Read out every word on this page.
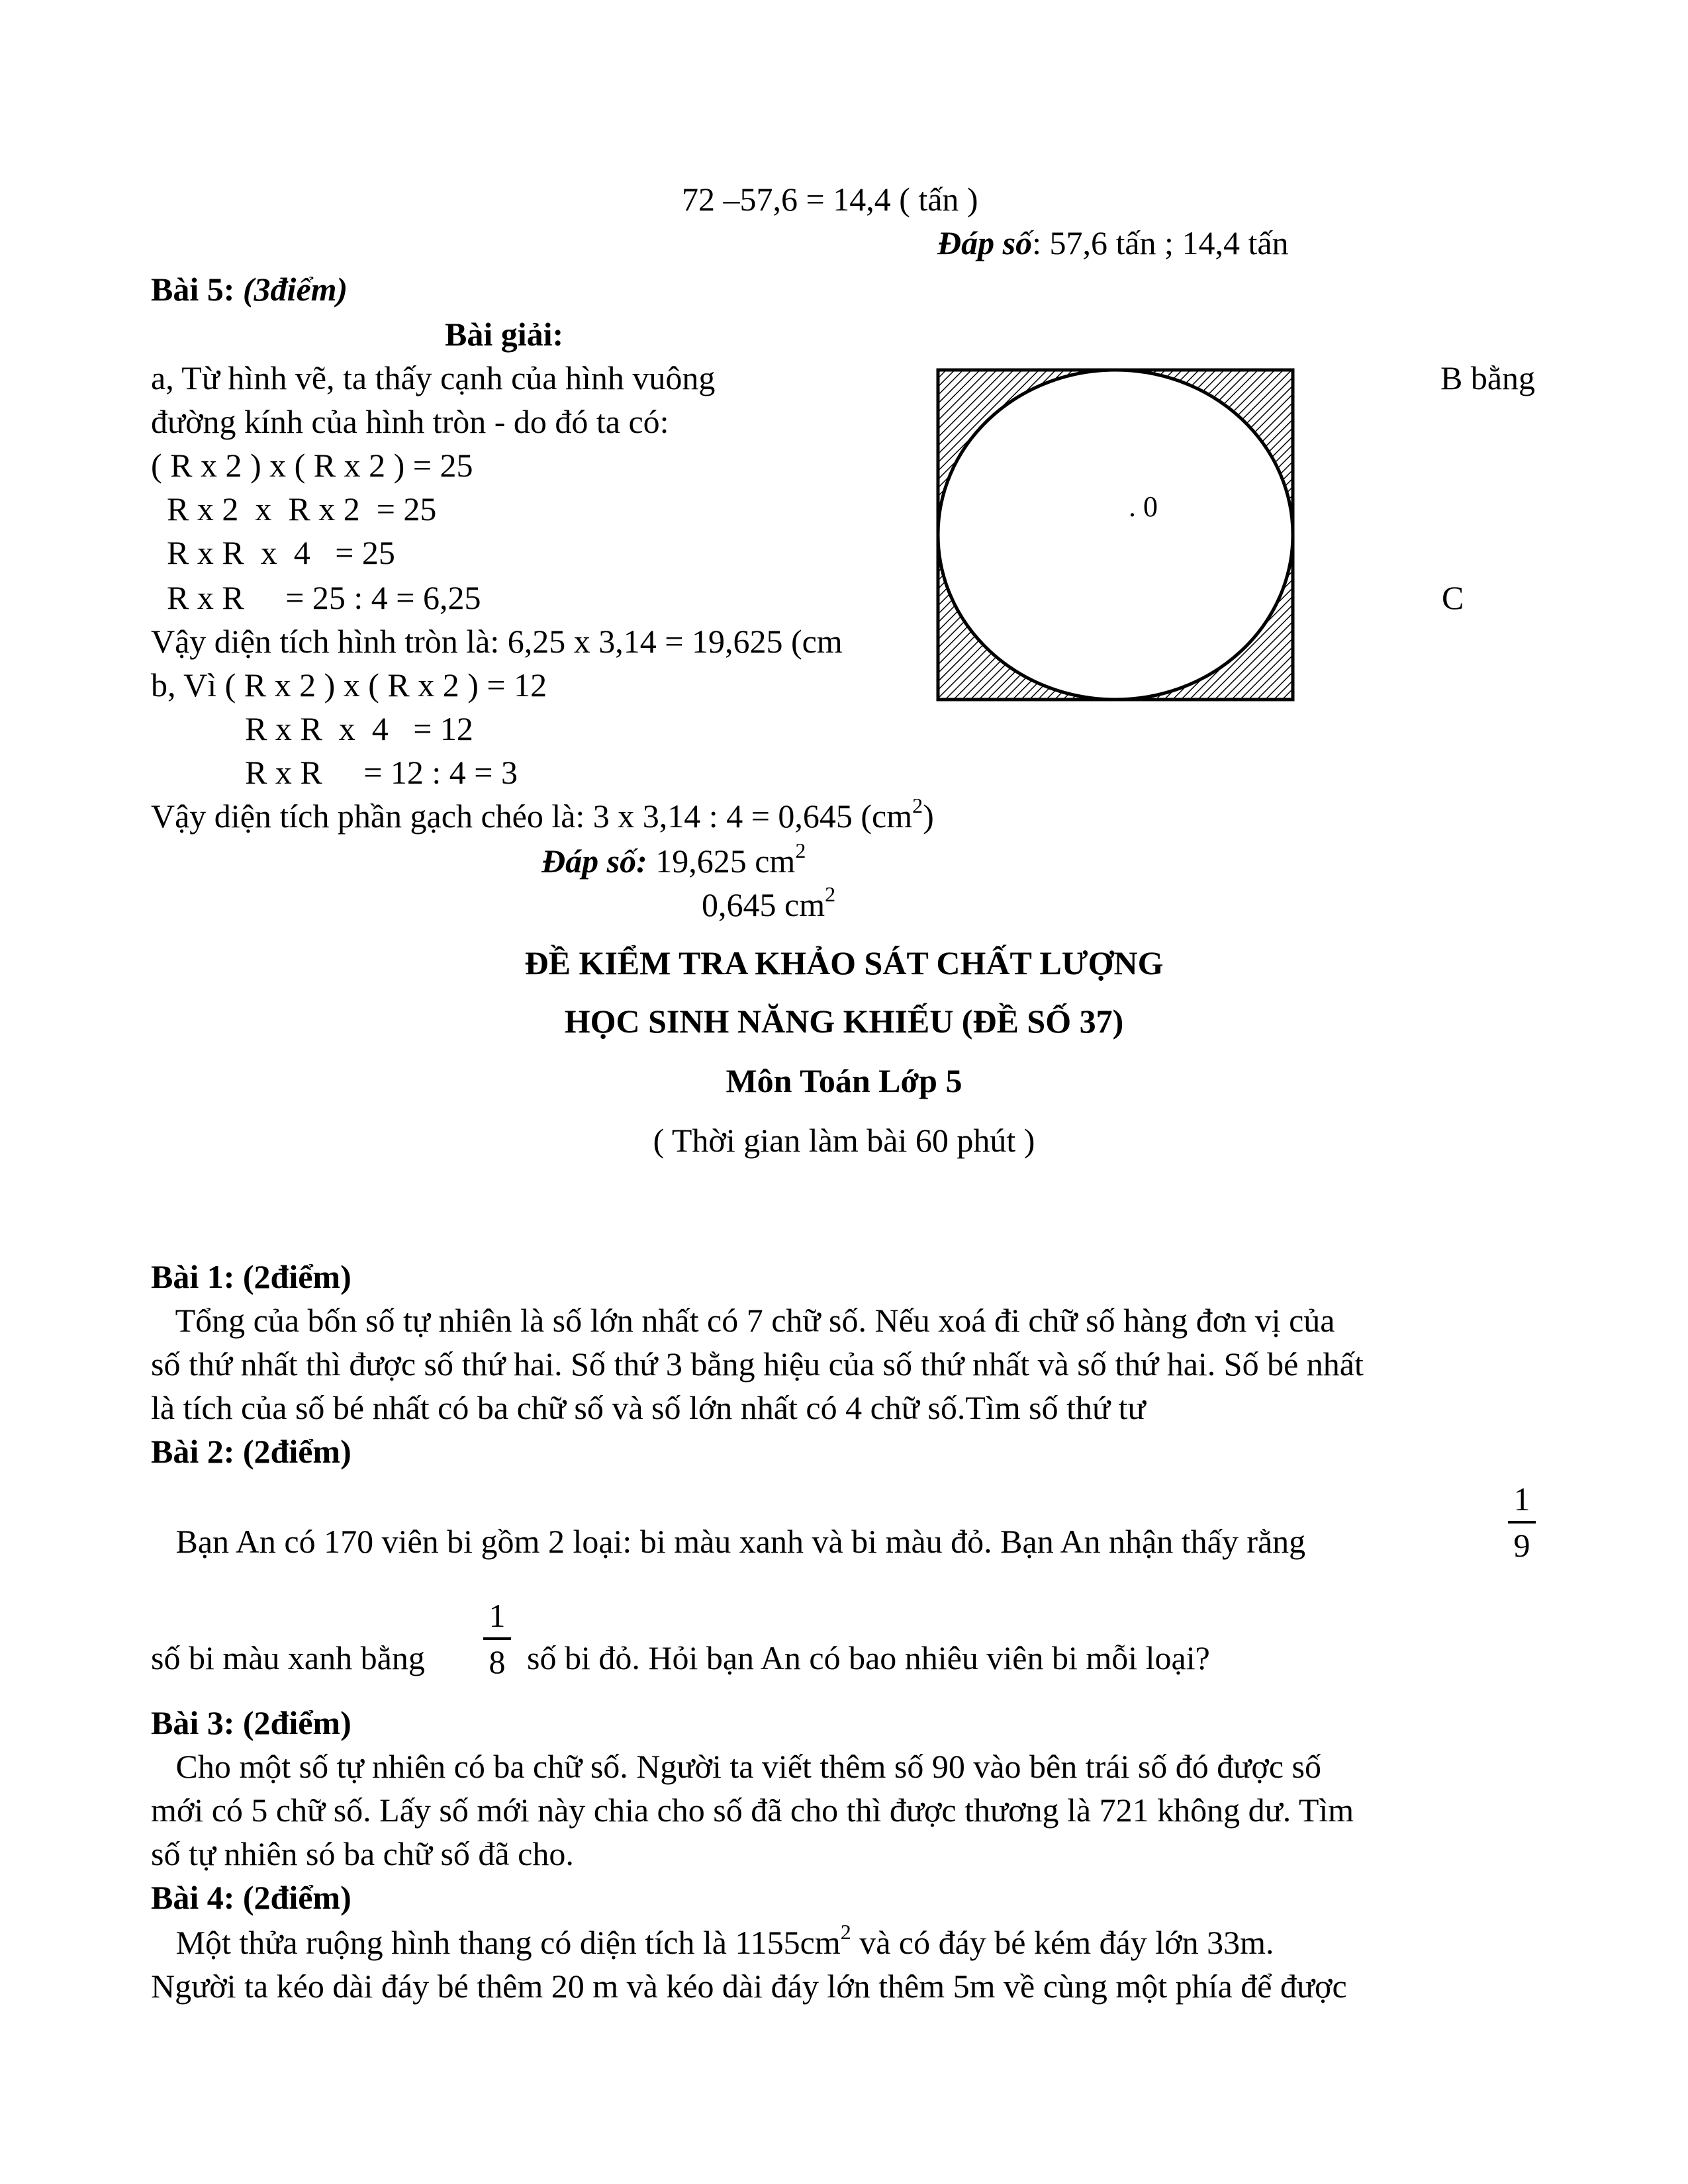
72 –57,6 = 14,4 ( tấn )
Đáp số: 57,6 tấn ; 14,4 tấn
Bài 5: (3điểm)
Bài giải:
a, Từ hình vẽ, ta thấy cạnh của hình vuông	B bằng
đường kính của hình tròn - do đó ta có:
( R x 2 ) x ( R x 2 ) = 25
R x 2  x  R x 2  = 25
R x R  x  4   = 25
R x R     = 25 : 4 = 6,25	C
Vậy diện tích hình tròn là: 6,25 x 3,14 = 19,625 (cm
. 0
b, Vì ( R x 2 ) x ( R x 2 ) = 12
R x R  x  4   = 12
R x R     = 12 : 4 = 3
Vậy diện tích phần gạch chéo là: 3 x 3,14 : 4 = 0,645 $(cm^2)$
Đáp số: 19,625 $cm^2$
0,645 $cm^2$
ĐỀ KIỂM TRA KHẢO SÁT CHẤT LƯỢNG
HỌC SINH NĂNG KHIẾU (ĐỀ SỐ 37)
Môn Toán Lớp 5
( Thời gian làm bài 60 phút )
Bài 1: (2điểm)
Tổng của bốn số tự nhiên là số lớn nhất có 7 chữ số. Nếu xoá đi chữ số hàng đơn vị của
số thứ nhất thì được số thứ hai. Số thứ 3 bằng hiệu của số thứ nhất và số thứ hai. Số bé nhất
là tích của số bé nhất có ba chữ số và số lớn nhất có 4 chữ số.Tìm số thứ tư
Bài 2: (2điểm)
Bạn An có 170 viên bi gồm 2 loại: bi màu xanh và bi màu đỏ. Bạn An nhận thấy rằng
1
9
số bi màu xanh bằng
1
8 số bi đỏ. Hỏi bạn An có bao nhiêu viên bi mỗi loại?
Bài 3: (2điểm)
Cho một số tự nhiên có ba chữ số. Người ta viết thêm số 90 vào bên trái số đó được số
mới có 5 chữ số. Lấy số mới này chia cho số đã cho thì được thương là 721 không dư. Tìm
số tự nhiên só ba chữ số đã cho.
Bài 4: (2điểm)
Một thửa ruộng hình thang có diện tích là $1155cm^2$ và có đáy bé kém đáy lớn 33m.
Người ta kéo dài đáy bé thêm 20 m và kéo dài đáy lớn thêm 5m về cùng một phía để được
